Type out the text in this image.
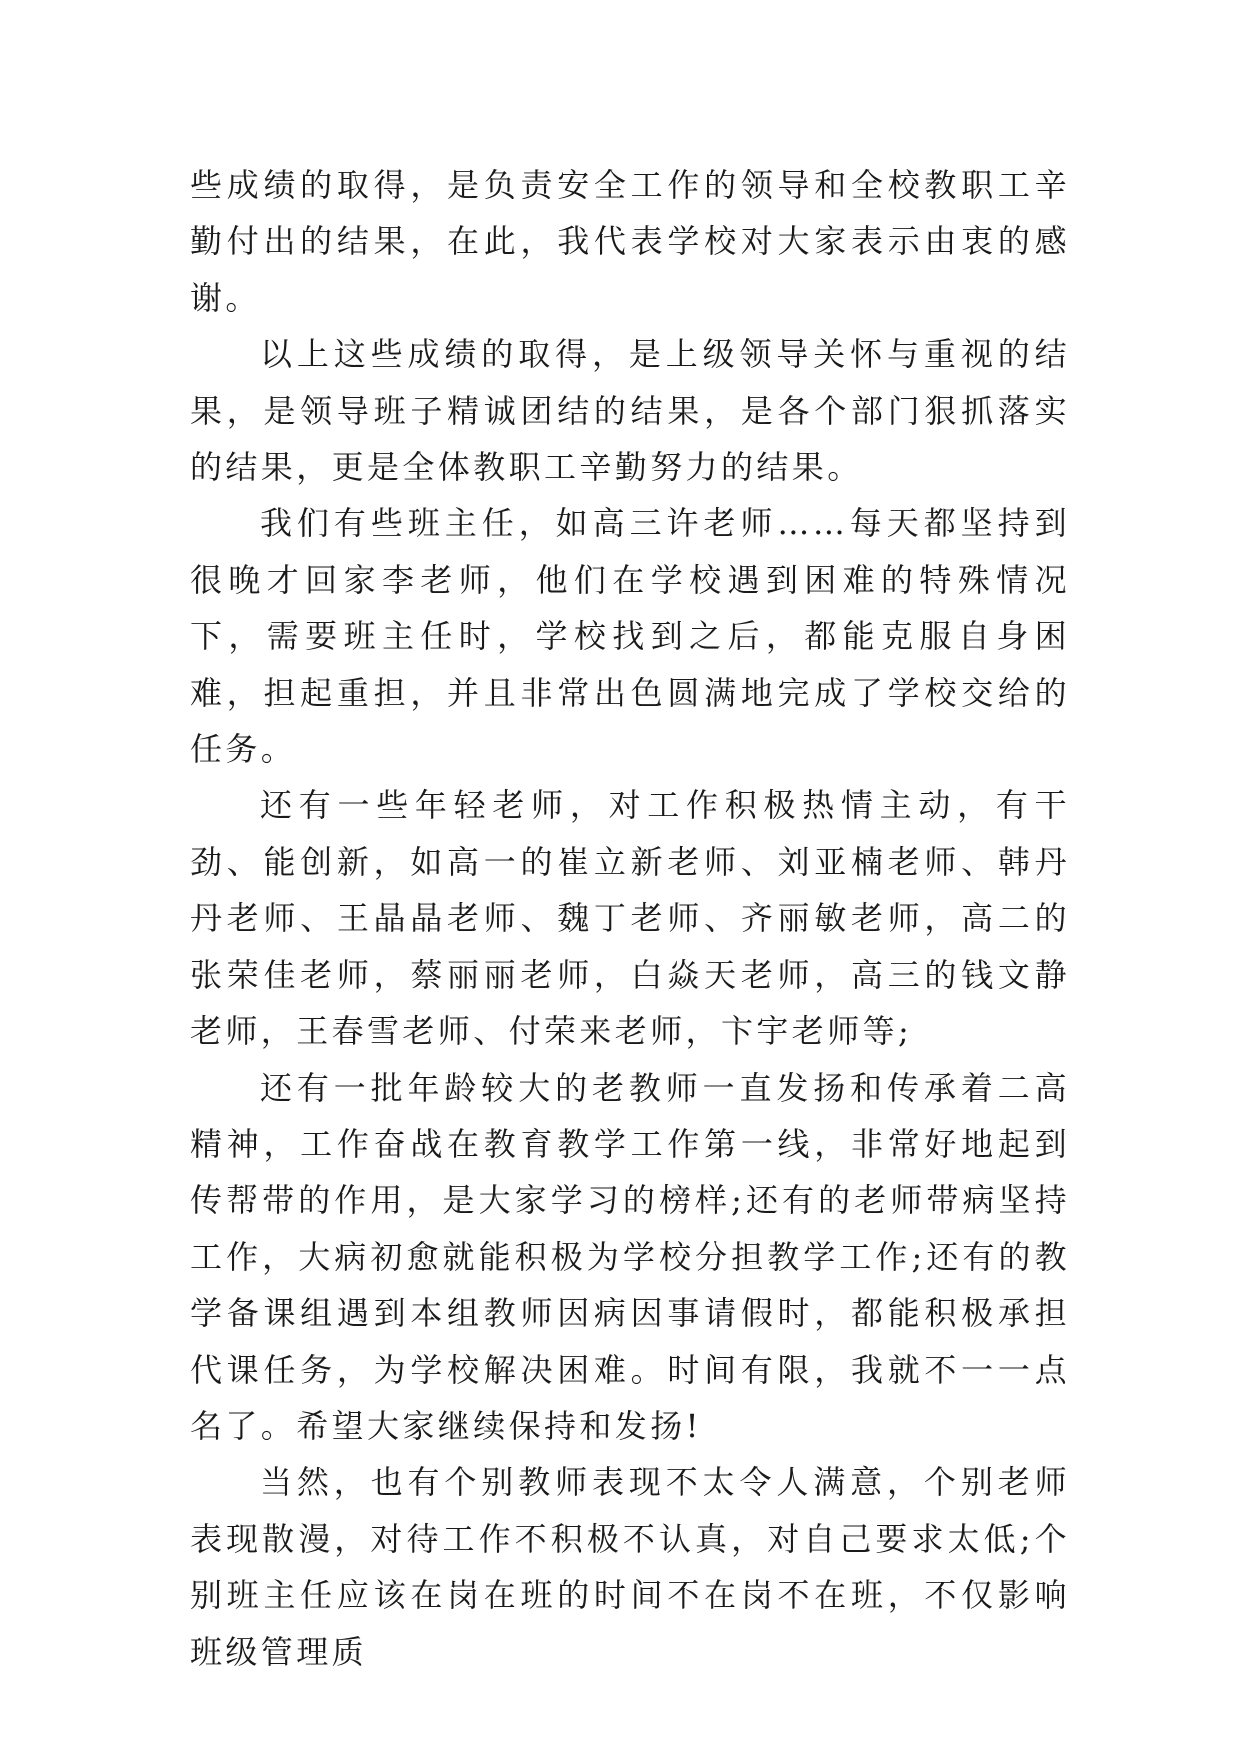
些成绩的取得，是负责安全工作的领导和全校教职工辛勤付出的结果，在此，我代表学校对大家表示由衷的感谢。

以上这些成绩的取得，是上级领导关怀与重视的结果，是领导班子精诚团结的结果，是各个部门狠抓落实的结果，更是全体教职工辛勤努力的结果。

我们有些班主任，如高三许老师……每天都坚持到很晚才回家李老师，他们在学校遇到困难的特殊情况下，需要班主任时，学校找到之后，都能克服自身困难，担起重担，并且非常出色圆满地完成了学校交给的任务。

还有一些年轻老师，对工作积极热情主动，有干劲、能创新，如高一的崔立新老师、刘亚楠老师、韩丹丹老师、王晶晶老师、魏丁老师、齐丽敏老师，高二的张荣佳老师，蔡丽丽老师，白焱天老师，高三的钱文静老师，王春雪老师、付荣来老师，卞宇老师等;

还有一批年龄较大的老教师一直发扬和传承着二高精神，工作奋战在教育教学工作第一线，非常好地起到传帮带的作用，是大家学习的榜样;还有的老师带病坚持工作，大病初愈就能积极为学校分担教学工作;还有的教学备课组遇到本组教师因病因事请假时，都能积极承担代课任务，为学校解决困难。时间有限，我就不一一点名了。希望大家继续保持和发扬!

当然，也有个别教师表现不太令人满意，个别老师表现散漫，对待工作不积极不认真，对自己要求太低;个别班主任应该在岗在班的时间不在岗不在班，不仅影响班级管理质
